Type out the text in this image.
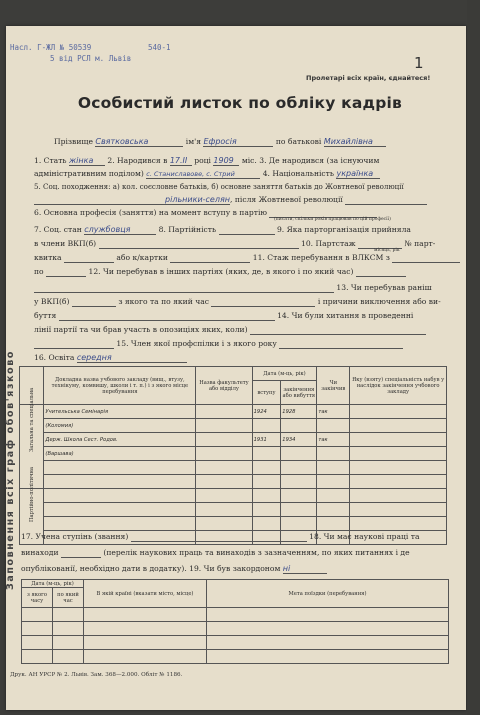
Насл. Г-ЖЛ № 50539
5 від РСЛ м. Львів
540-1
1
Пролетарі всіх країн, єднайтеся!
Особистий листок по обліку кадрів
Заповнення всіх граф обов'язково
Прізвище Святковська	ім'я Ефросія	по батькові Михайлівна
1. Стать жінка 2. Народився в 17.ІІ році 1909 міс. 3. Де народився (за існуючим
адміністративним поділом) с. Станиславове, с. Стрий	4. Національність українка
5. Соц. походження: а) кол. соєсловне батьків, б) основне заняття батьків до Жовтневої революції
рільники-селян, після Жовтневої революції
6. Основна професія (заняття) на момент вступу в партію
(писати, скільки років працював по цій професії)
7. Соц. стан службовця	8. Партійність	9. Яка парторганізація прийняла
в члени ВКП(б)	10. Партстаж	№ парт-
місяць, рік
квитка	або к/картки	11. Стаж перебування в ВЛКСМ з
по	12. Чи перебував в інших партіях (яких, де, в якого і по який час)
13. Чи перебував раніш
у ВКП(б)	з якого та по який час	і причини виключення або ви-
буття	14. Чи були хитання в проведенні
лінії партії та чи брав участь в опозиціях яких, коли)
15. Член якої профспілки і з якого року
16. Освіта середня
	Докладна назва учбового закладу (вищ., втузу, технікуму, комвишу, школи і т. п.) і з якого місце перебування	Назва факультету або відділу	Дата (м-ць, рік)		Чи закінчив	Яку (взяту) спеціальність набув у наслідок закінчення учбового закладу
			вступу	закінчення або вибуття		

Загальна та спеціальна	Учительська Семінарія		1924	1928	так	
	(Коломия)					
	Держ. Школа Сест. Родов.		1931	1934	так	
	(Варшава)					

Партійно-політична						

17. Учена ступінь (звання)	18. Чи має наукові праці та
винаходи	(перелік наукових праць та винаходів з зазначенням, по яких питаннях і де
опублікованії, необхідно дати в додатку). 19. Чи був закордоном ні
Дата (м-ць, рік)		В якій країні (вказати місто, місце)	Мета поїздки (перебування)
з якого часу	по який час		

Друк. АН УРСР № 2. Львів. Зам. 368—2.000. Обліт № 1186.
